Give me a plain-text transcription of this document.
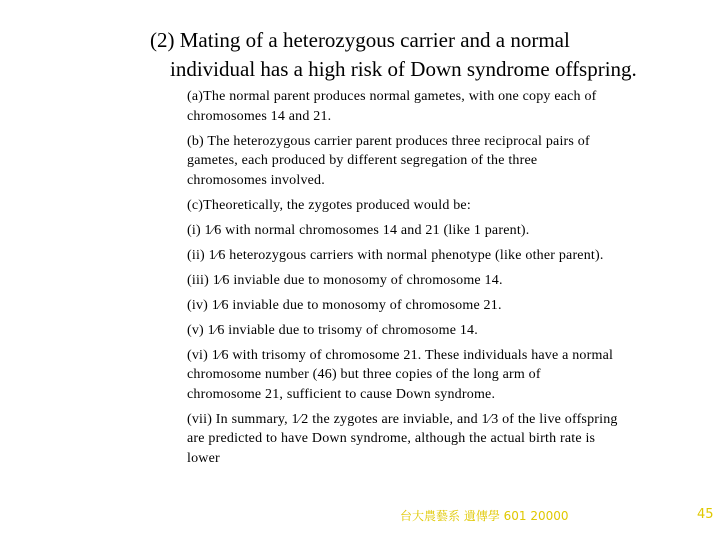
(2) Mating of a heterozygous carrier and a normal
individual has a high risk of Down syndrome offspring.
(a)The normal parent produces normal gametes, with one copy each of
chromosomes 14 and 21.
(b) The heterozygous carrier parent produces three reciprocal pairs of
gametes, each produced by different segregation of the three
chromosomes involved.
(c)Theoretically, the zygotes produced would be:
(i) 1⁄6 with normal chromosomes 14 and 21 (like 1 parent).
(ii) 1⁄6 heterozygous carriers with normal phenotype (like other parent).
(iii) 1⁄6 inviable due to monosomy of chromosome 14.
(iv) 1⁄6 inviable due to monosomy of chromosome 21.
(v) 1⁄6 inviable due to trisomy of chromosome 14.
(vi) 1⁄6 with trisomy of chromosome 21. These individuals have a normal
chromosome number (46) but three copies of the long arm of
chromosome 21, sufficient to cause Down syndrome.
(vii) In summary, 1⁄2 the zygotes are inviable, and 1⁄3 of the live offspring
are predicted to have Down syndrome, although the actual birth rate is
lower
台大農藝系 遺傳學 601 20000	45
